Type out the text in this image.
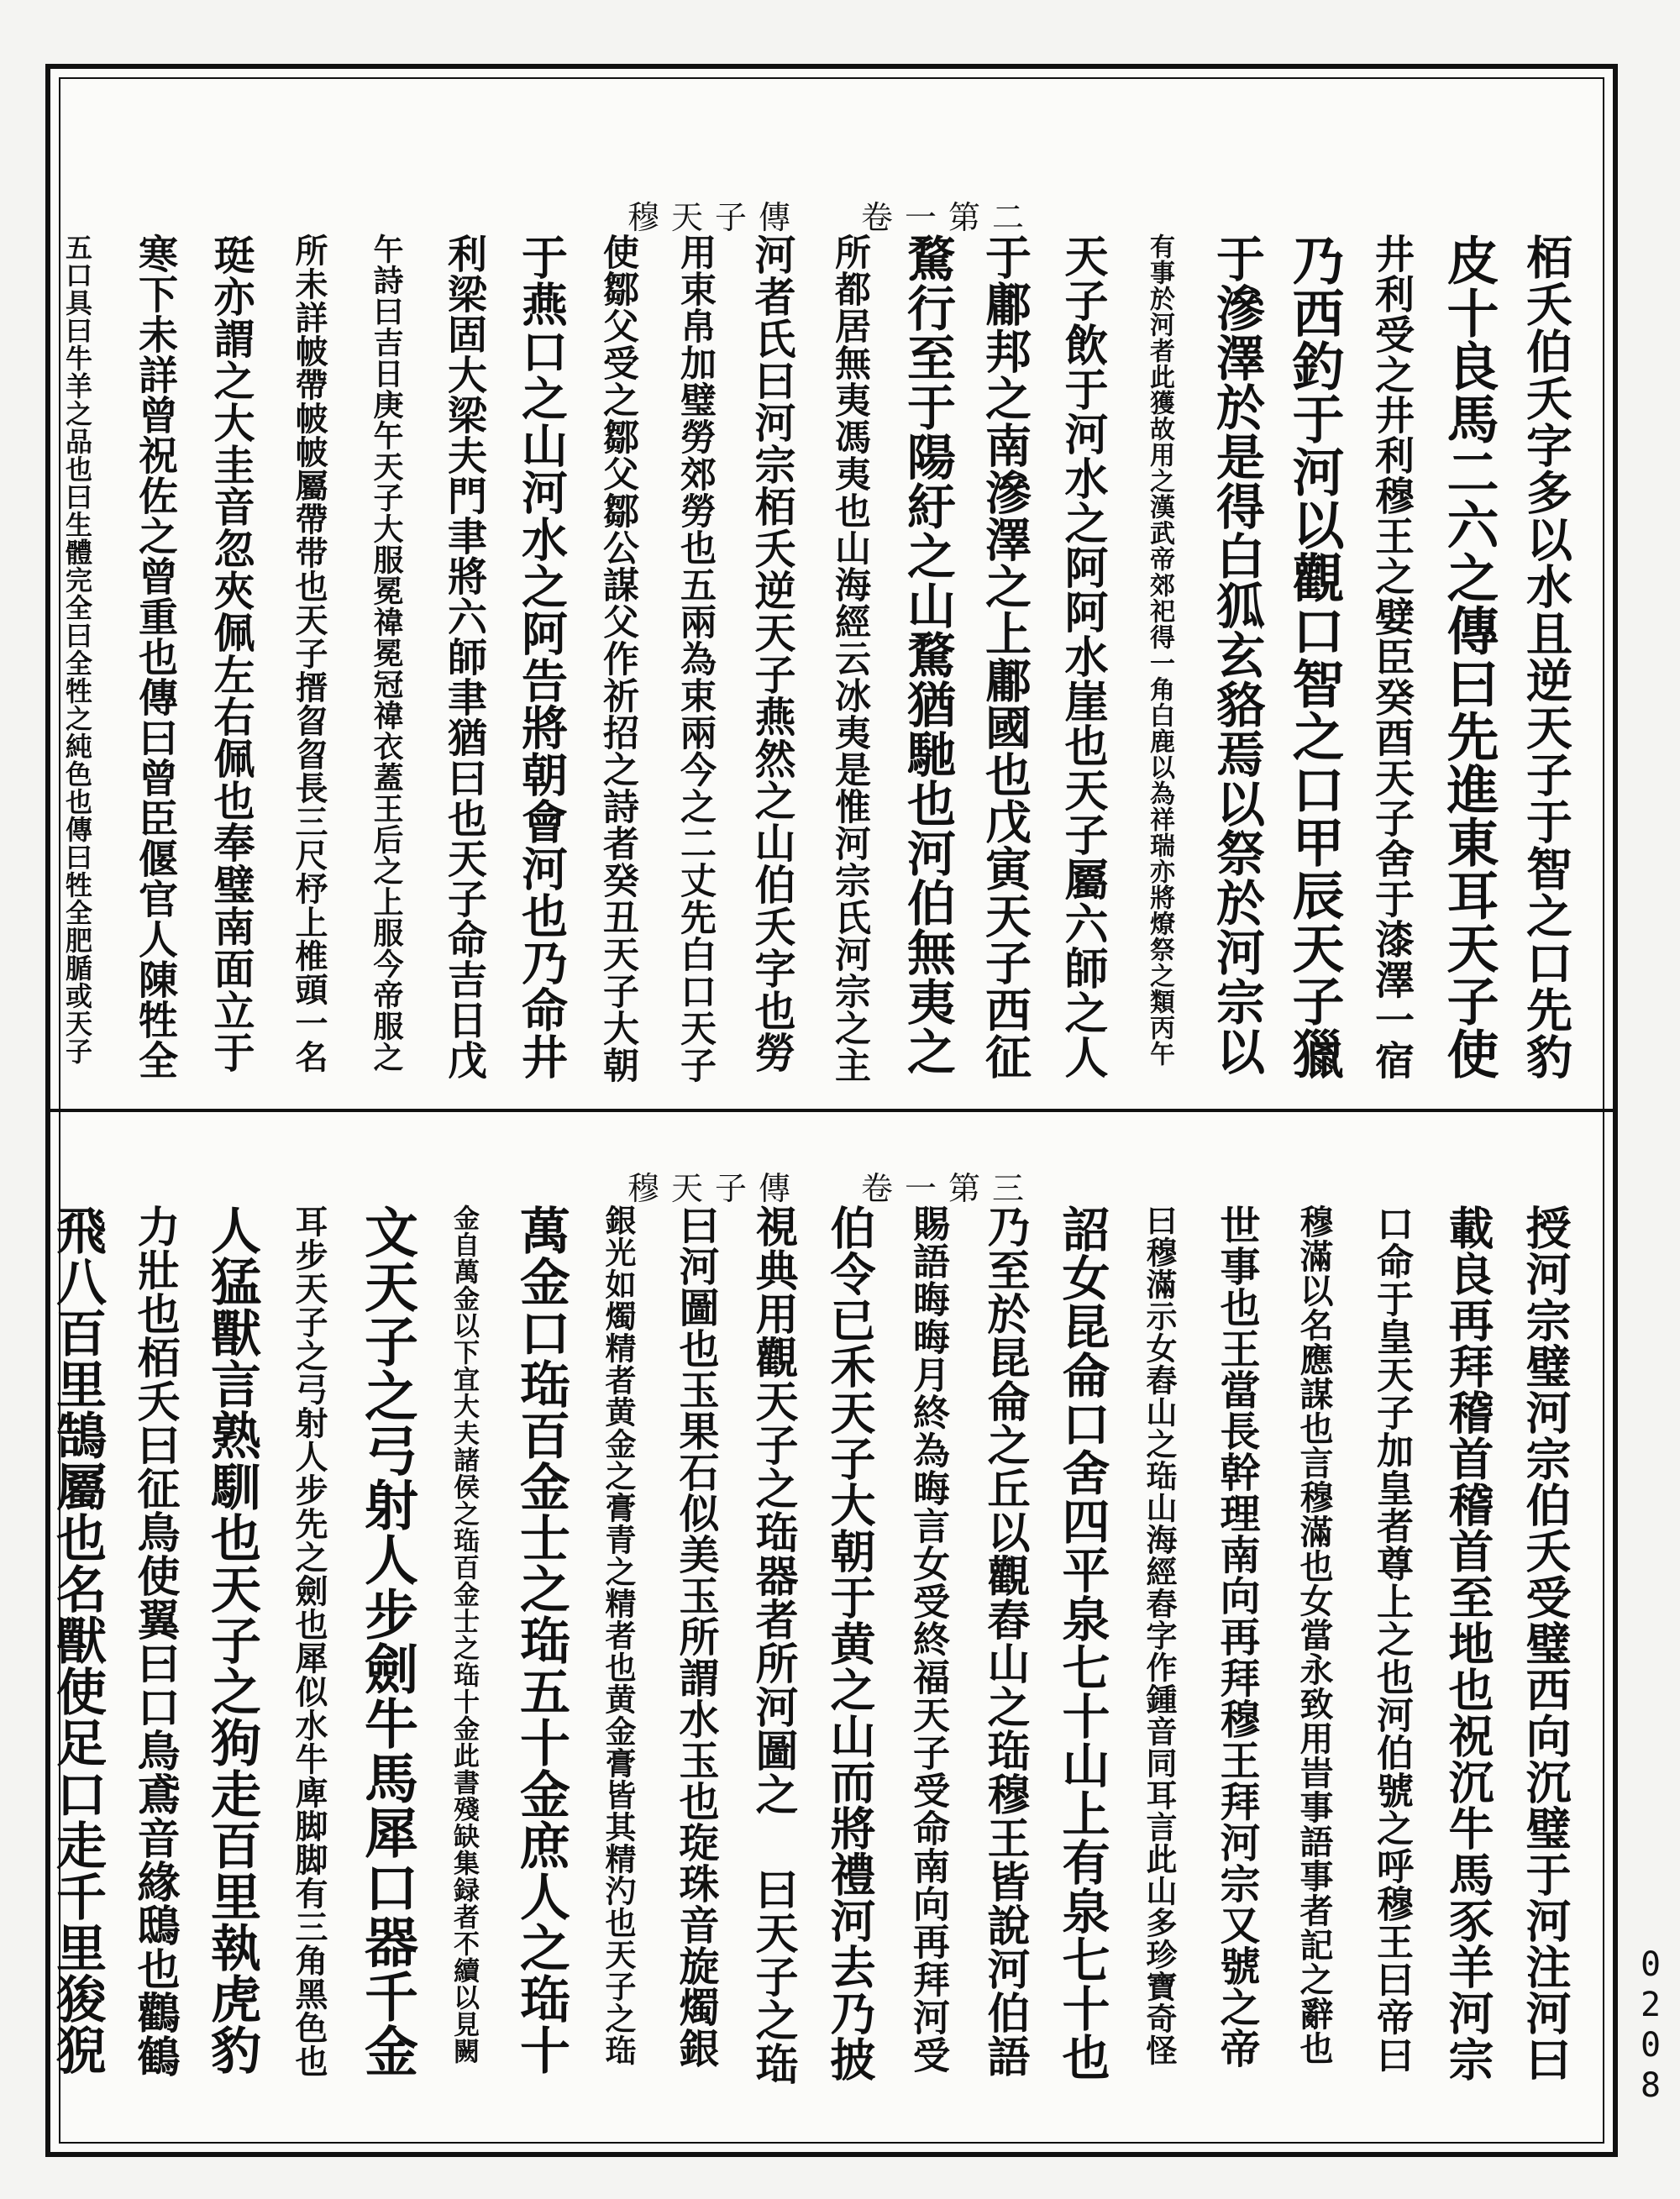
穆天子傳 卷一第二
栢夭伯夭字多以水且逆天子于智之口先豹
皮十良馬二六之傳曰先進東耳天子使
井利受之井利穆王之嬖臣癸酉天子舍于漆澤一宿
乃西釣于河以觀口智之口甲辰天子獵
于滲澤於是得白狐玄貉焉以祭於河宗以
有事於河者此獲故用之漢武帝郊祀得一角白鹿以為祥瑞亦將燎祭之類丙午
天子飲于河水之阿阿水崖也天子屬六師之人
于鄘邦之南滲澤之上鄘國也戊寅天子西征
騖行至于陽紆之山騖猶馳也河伯無夷之
所都居無夷馮夷也山海經云冰夷是惟河宗氏河宗之主
河者氏曰河宗栢夭逆天子燕然之山伯夭字也勞
用束帛加璧勞郊勞也五兩為束兩今之二丈先白口天子
使鄒父受之鄒父鄒公謀父作祈招之詩者癸丑天子大朝
于燕口之山河水之阿告將朝會河也乃命井
利梁固大梁夫門聿將六師聿猶曰也天子命吉日戊
午詩曰吉日庚午天子大服冕禕冕冠禕衣蓋王后之上服今帝服之
所未詳帔帶帔帔屬帶带也天子搢曶曶長三尺杼上椎頭一名
珽亦謂之大圭音忽夾佩左右佩也奉璧南面立于
寒下未詳曾祝佐之曾重也傳曰曾臣偃官人陳牲全
五口具曰牛羊之品也曰生體完全曰全牲之純色也傳曰牲全肥腯或天子
穆天子傳 卷一第三
授河宗璧河宗伯夭受璧西向沉璧于河注河曰
載良再拜稽首稽首至地也祝沉牛馬豕羊河宗
口命于皇天子加皇者尊上之也河伯號之呼穆王曰帝曰
穆滿以名應謀也言穆滿也女當永致用旹事語事者記之辭也
世事也王當長幹理南向再拜穆王拜河宗又號之帝
曰穆滿示女舂山之珤山海經舂字作鍾音同耳言此山多珍寶奇怪
詔女昆侖口舍四平泉七十山上有泉七十也
乃至於昆侖之丘以觀舂山之珤穆王皆說河伯語
賜語晦晦月終為晦言女受終福天子受命南向再拜河受
伯令已禾天子大朝于黄之山而將禮河去乃披
視典用觀天子之珤器者所河圖之 曰天子之珤
曰河圖也玉果石似美玉所謂水玉也琁珠音旋燭銀
銀光如燭精者黄金之膏青之精者也黄金膏皆其精汋也天子之珤
萬金口珤百金士之珤五十金庶人之珤十
金自萬金以下宜大夫諸侯之珤百金士之珤十金此書殘缺集録者不續以見闕
文天子之弓射人步劍牛馬犀口器千金
耳步天子之弓射人步先之劍也犀似水牛庳脚脚有三角黑色也
人猛獸言熟馴也天子之狗走百里執虎豹
力壯也栢夭曰征鳥使翼曰口鳥鳶音緣鴟也鸛鶴
飛八百里鵠屬也名獸使足口走千里狻猊	0208
